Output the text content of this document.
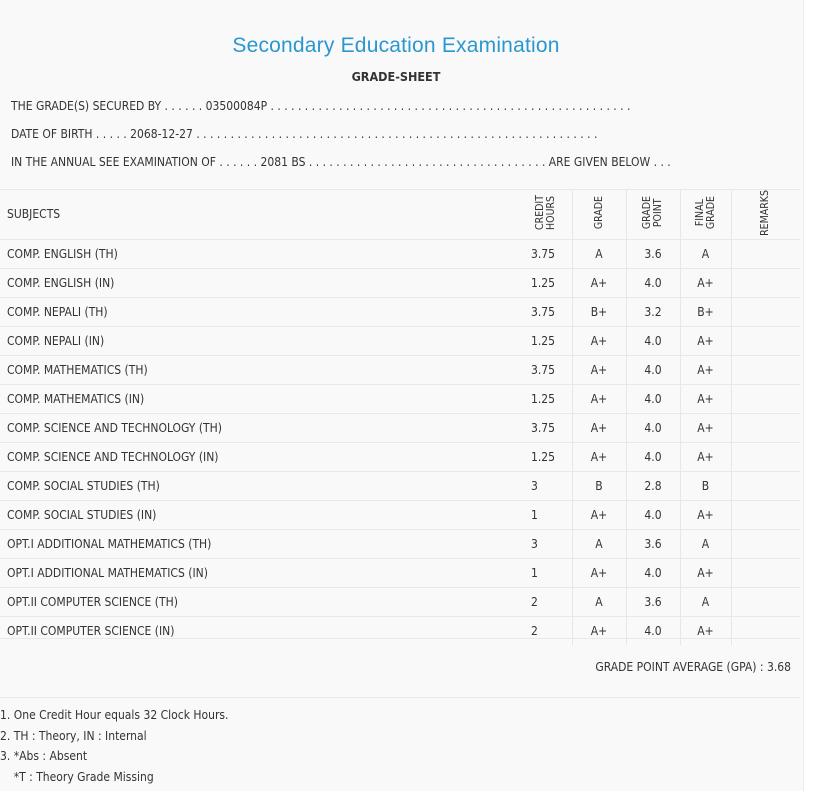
Secondary Education Examination
GRADE-SHEET
THE GRADE(S) SECURED BY . . . . . . 03500084P . . . . . . . . . . . . . . . . . . . . . . . . . . . . . . . . . . . . . . . . . . . . . . . . . . . . .
DATE OF BIRTH . . . . . 2068-12-27 . . . . . . . . . . . . . . . . . . . . . . . . . . . . . . . . . . . . . . . . . . . . . . . . . . . . . . . . . . .
IN THE ANNUAL SEE EXAMINATION OF . . . . . . 2081 BS . . . . . . . . . . . . . . . . . . . . . . . . . . . . . . . . . . . ARE GIVEN BELOW . . .
SUBJECTS	CREDIT HOURS	GRADE	GRADE POINT	FINAL GRADE	REMARKS

COMP. ENGLISH (TH)	3.75	A	3.6	A	
COMP. ENGLISH (IN)	1.25	A+	4.0	A+	
COMP. NEPALI (TH)	3.75	B+	3.2	B+	
COMP. NEPALI (IN)	1.25	A+	4.0	A+	
COMP. MATHEMATICS (TH)	3.75	A+	4.0	A+	
COMP. MATHEMATICS (IN)	1.25	A+	4.0	A+	
COMP. SCIENCE AND TECHNOLOGY (TH)	3.75	A+	4.0	A+	
COMP. SCIENCE AND TECHNOLOGY (IN)	1.25	A+	4.0	A+	
COMP. SOCIAL STUDIES (TH)	3	B	2.8	B	
COMP. SOCIAL STUDIES (IN)	1	A+	4.0	A+	
OPT.I ADDITIONAL MATHEMATICS (TH)	3	A	3.6	A	
OPT.I ADDITIONAL MATHEMATICS (IN)	1	A+	4.0	A+	
OPT.II COMPUTER SCIENCE (TH)	2	A	3.6	A	
OPT.II COMPUTER SCIENCE (IN)	2	A+	4.0	A+	
GRADE POINT AVERAGE (GPA) : 3.68
1. One Credit Hour equals 32 Clock Hours.
2. TH : Theory, IN : Internal
3. *Abs : Absent
*T : Theory Grade Missing
